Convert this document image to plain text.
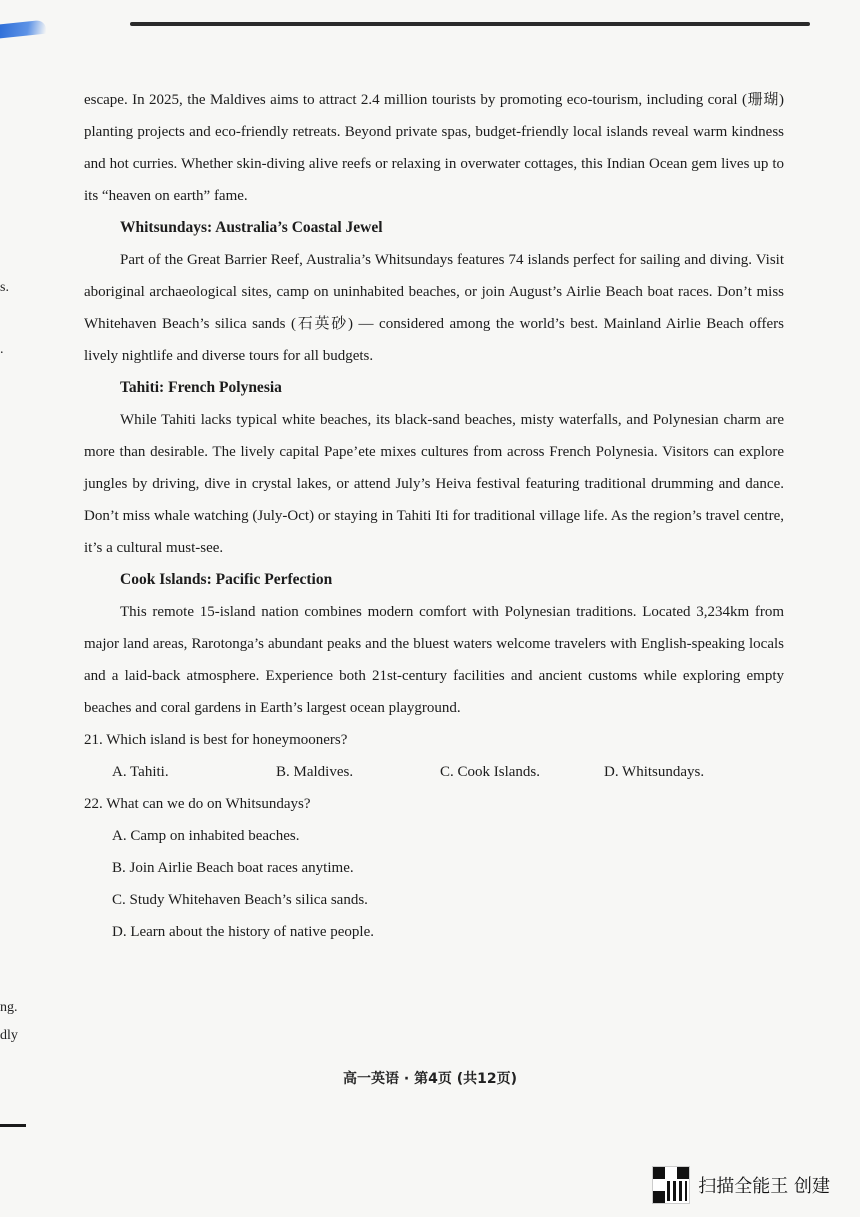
s.
.
ng.
dly

escape. In 2025, the Maldives aims to attract 2.4 million tourists by promoting eco-tourism, including coral (珊瑚) planting projects and eco-friendly retreats. Beyond private spas, budget-friendly local islands reveal warm kindness and hot curries. Whether skin-diving alive reefs or relaxing in overwater cottages, this Indian Ocean gem lives up to its “heaven on earth” fame.

Whitsundays: Australia’s Coastal Jewel

Part of the Great Barrier Reef, Australia’s Whitsundays features 74 islands perfect for sailing and diving. Visit aboriginal archaeological sites, camp on uninhabited beaches, or join August’s Airlie Beach boat races. Don’t miss Whitehaven Beach’s silica sands (石英砂) — considered among the world’s best. Mainland Airlie Beach offers lively nightlife and diverse tours for all budgets.

Tahiti: French Polynesia

While Tahiti lacks typical white beaches, its black-sand beaches, misty waterfalls, and Polynesian charm are more than desirable. The lively capital Pape’ete mixes cultures from across French Polynesia. Visitors can explore jungles by driving, dive in crystal lakes, or attend July’s Heiva festival featuring traditional drumming and dance. Don’t miss whale watching (July-Oct) or staying in Tahiti Iti for traditional village life. As the region’s travel centre, it’s a cultural must-see.

Cook Islands: Pacific Perfection

This remote 15-island nation combines modern comfort with Polynesian traditions. Located 3,234km from major land areas, Rarotonga’s abundant peaks and the bluest waters welcome travelers with English-speaking locals and a laid-back atmosphere. Experience both 21st-century facilities and ancient customs while exploring empty beaches and coral gardens in Earth’s largest ocean playground.

21. Which island is best for honeymooners?

A. Tahiti.	B. Maldives.	C. Cook Islands.	D. Whitsundays.

22. What can we do on Whitsundays?

A. Camp on inhabited beaches.
B. Join Airlie Beach boat races anytime.
C. Study Whitehaven Beach’s silica sands.
D. Learn about the history of native people.
高一英语 · 第4页 (共12页)
扫描全能王 创建
